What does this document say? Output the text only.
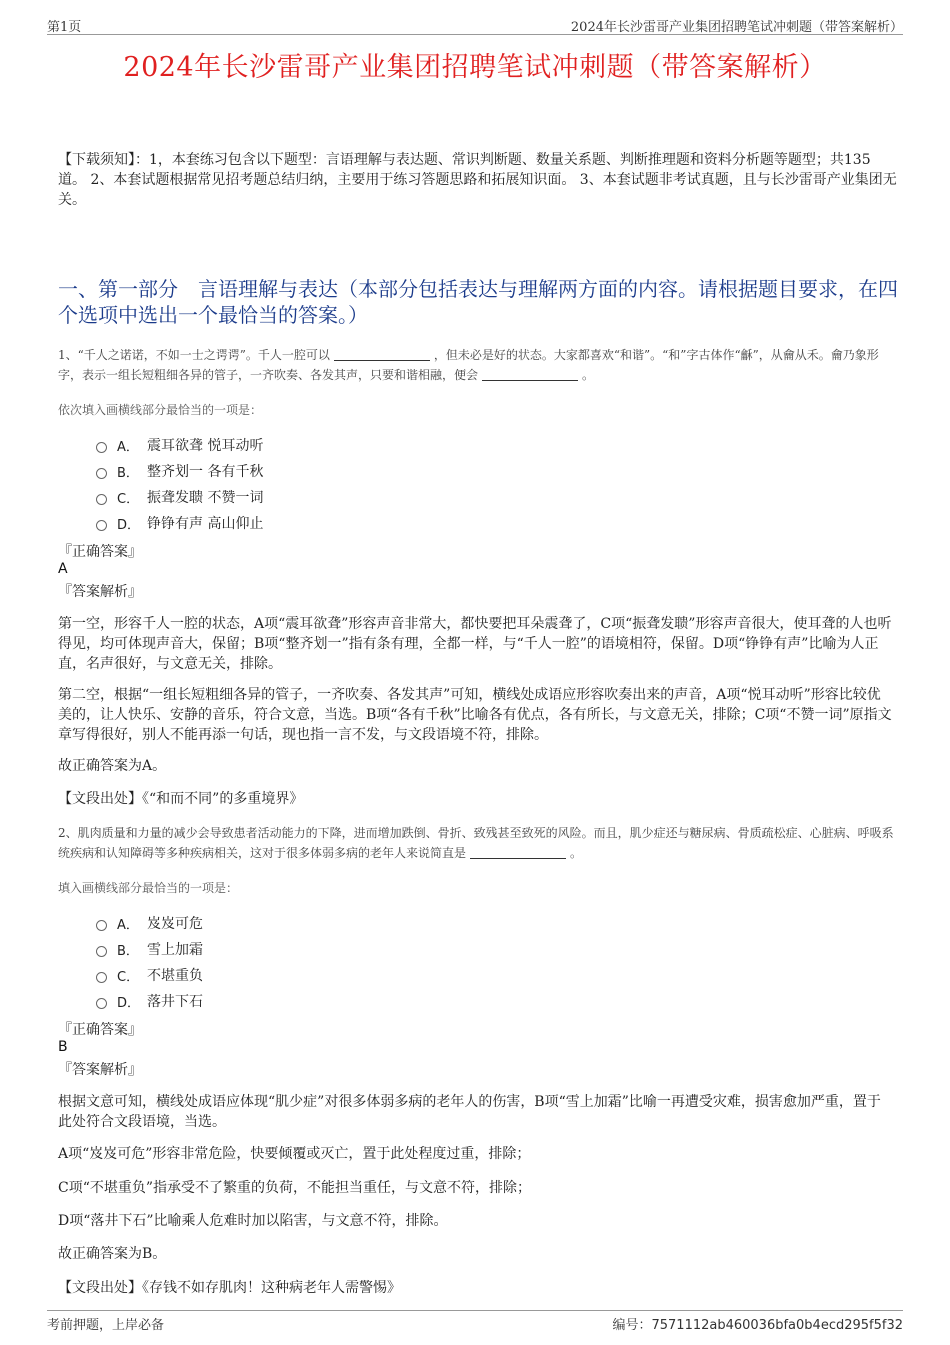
第1页	2024年长沙雷哥产业集团招聘笔试冲刺题（带答案解析）
2024年长沙雷哥产业集团招聘笔试冲刺题（带答案解析）
【下载须知】：1，本套练习包含以下题型：言语理解与表达题、常识判断题、数量关系题、判断推理题和资料分析题等题型；共135道。 2、本套试题根据常见招考题总结归纳，主要用于练习答题思路和拓展知识面。 3、本套试题非考试真题，且与长沙雷哥产业集团无关。
一、第一部分　言语理解与表达（本部分包括表达与理解两方面的内容。请根据题目要求，在四个选项中选出一个最恰当的答案。）
1、“千人之诺诺，不如一士之谔谔”。千人一腔可以	，但未必是好的状态。大家都喜欢“和谐”。“和”字古体作“龢”，从龠从禾。龠乃象形字，表示一组长短粗细各异的管子，一齐吹奏、各发其声，只要和谐相融，便会	。
依次填入画横线部分最恰当的一项是：
A． 震耳欲聋 悦耳动听
B． 整齐划一 各有千秋
C． 振聋发聩 不赞一词
D． 铮铮有声 高山仰止
『正确答案』
A
『答案解析』
第一空，形容千人一腔的状态，A项“震耳欲聋”形容声音非常大，都快要把耳朵震聋了，C项“振聋发聩”形容声音很大，使耳聋的人也听得见，均可体现声音大，保留；B项“整齐划一”指有条有理，全都一样，与“千人一腔”的语境相符，保留。D项“铮铮有声”比喻为人正直，名声很好，与文意无关，排除。
第二空，根据“一组长短粗细各异的管子，一齐吹奏、各发其声”可知，横线处成语应形容吹奏出来的声音，A项“悦耳动听”形容比较优美的，让人快乐、安静的音乐，符合文意，当选。B项“各有千秋”比喻各有优点，各有所长，与文意无关，排除；C项“不赞一词”原指文章写得很好，别人不能再添一句话，现也指一言不发，与文段语境不符，排除。
故正确答案为A。
【文段出处】《“和而不同”的多重境界》
2、肌肉质量和力量的减少会导致患者活动能力的下降，进而增加跌倒、骨折、致残甚至致死的风险。而且，肌少症还与糖尿病、骨质疏松症、心脏病、呼吸系统疾病和认知障碍等多种疾病相关，这对于很多体弱多病的老年人来说简直是	。
填入画横线部分最恰当的一项是：
A． 岌岌可危
B． 雪上加霜
C． 不堪重负
D． 落井下石
『正确答案』
B
『答案解析』
根据文意可知，横线处成语应体现“肌少症”对很多体弱多病的老年人的伤害，B项“雪上加霜”比喻一再遭受灾难，损害愈加严重，置于此处符合文段语境，当选。
A项“岌岌可危”形容非常危险，快要倾覆或灭亡，置于此处程度过重，排除；
C项“不堪重负”指承受不了繁重的负荷，不能担当重任，与文意不符，排除；
D项“落井下石”比喻乘人危难时加以陷害，与文意不符，排除。
故正确答案为B。
【文段出处】《存钱不如存肌肉！这种病老年人需警惕》
考前押题，上岸必备	编号：7571112ab460036bfa0b4ecd295f5f32
